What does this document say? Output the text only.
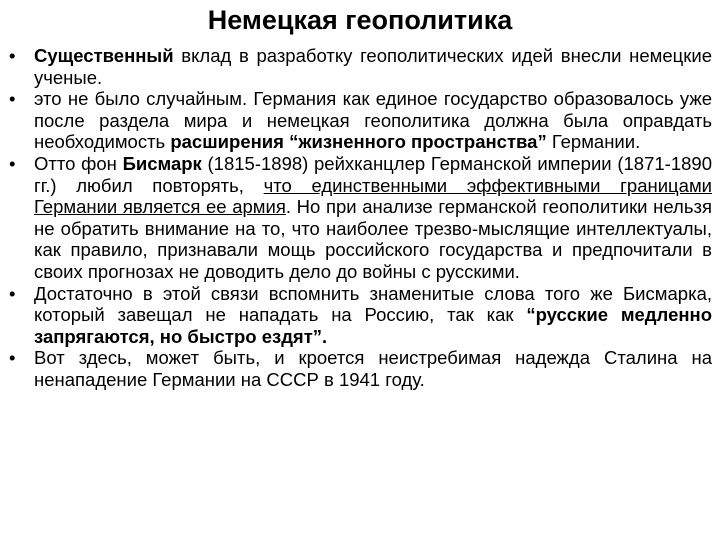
Немецкая геополитика
•	Существенный вклад в разработку геополитических идей внесли немецкие ученые.
•	это не было случайным. Германия как единое государство образовалось уже после раздела мира и немецкая геополитика должна была оправдать необходимость расширения “жизненного пространства” Германии.
•	Отто фон Бисмарк (1815-1898) рейхканцлер Германской империи (1871-1890 гг.) любил повторять, что единственными эффективными границами Германии является ее армия. Но при анализе германской геополитики нельзя не обратить внимание на то, что наиболее трезво-мыслящие интеллектуалы, как правило, признавали мощь российского государства и предпочитали в своих прогнозах не доводить дело до войны с русскими.
•	Достаточно в этой связи вспомнить знаменитые слова того же Бисмарка, который завещал не нападать на Россию, так как “русские медленно запрягаются, но быстро ездят”.
•	Вот здесь, может быть, и кроется неистребимая надежда Сталина на ненападение Германии на СССР в 1941 году.
